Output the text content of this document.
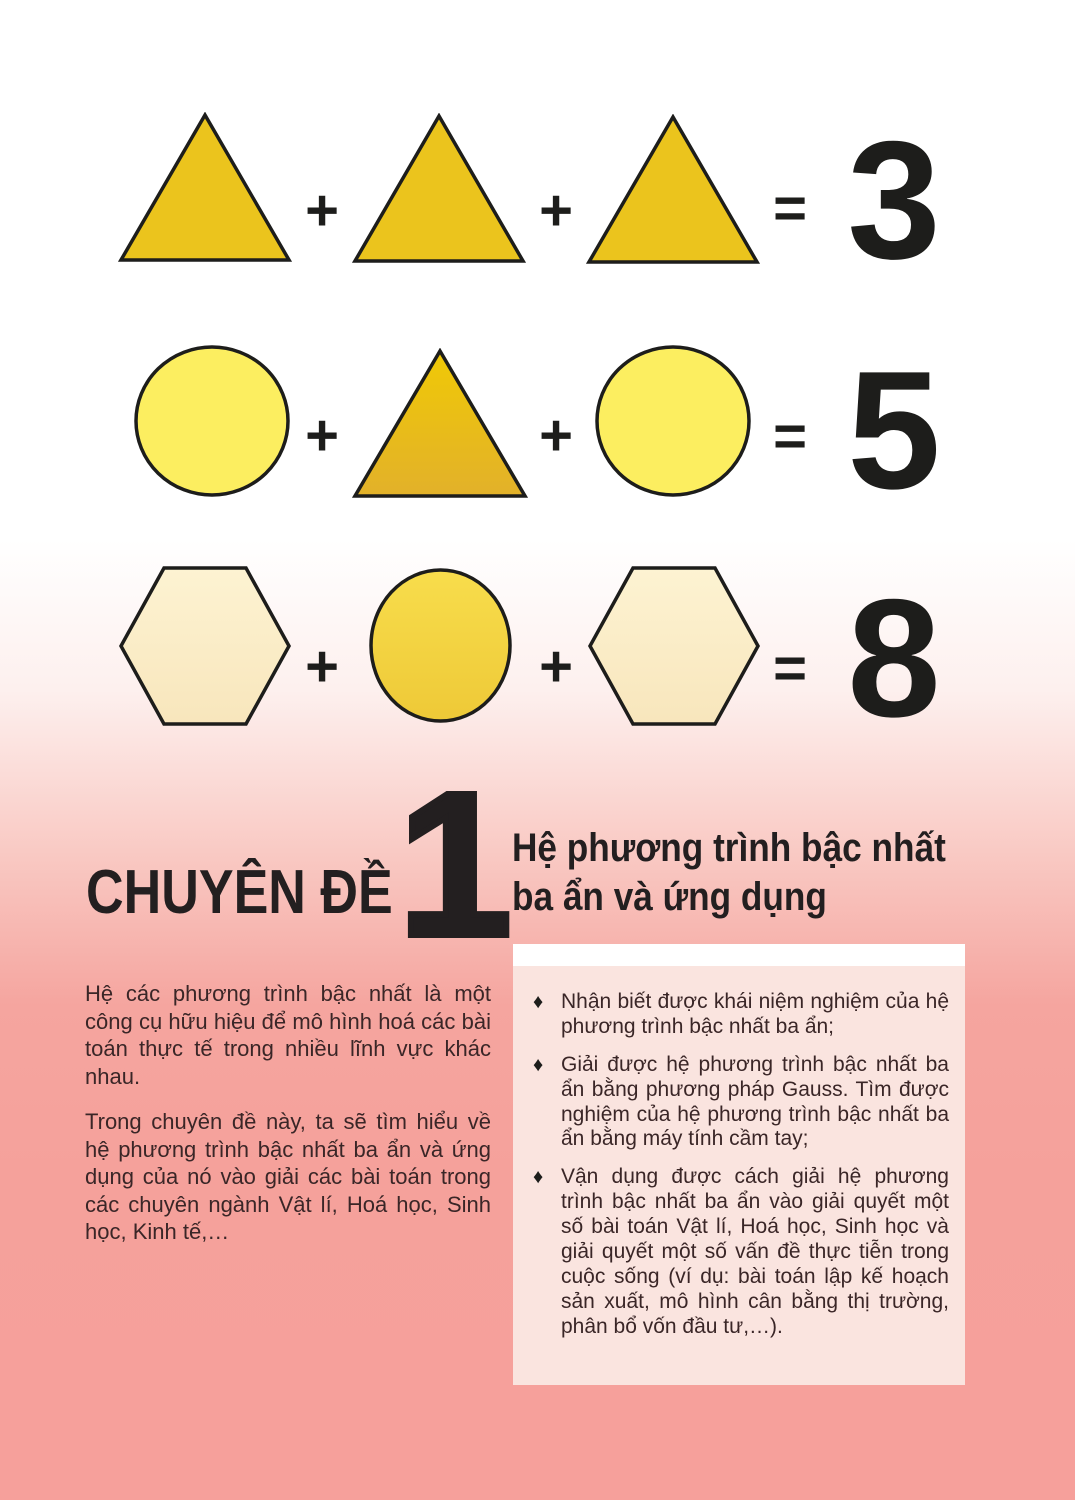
+	+	= 3
+	+	= 5
+	+	= 8
CHUYÊN ĐỀ 1 Hệ phương trình bậc nhất
ba ẩn và ứng dụng

Hệ các phương trình bậc nhất là một công cụ hữu hiệu để mô hình hoá các bài toán thực tế trong nhiều lĩnh vực khác nhau.

Trong chuyên đề này, ta sẽ tìm hiểu về hệ phương trình bậc nhất ba ẩn và ứng dụng của nó vào giải các bài toán trong các chuyên ngành Vật lí, Hoá học, Sinh học, Kinh tế,…

♦ Nhận biết được khái niệm nghiệm của hệ phương trình bậc nhất ba ẩn;

♦ Giải được hệ phương trình bậc nhất ba ẩn bằng phương pháp Gauss. Tìm được nghiệm của hệ phương trình bậc nhất ba ẩn bằng máy tính cầm tay;

♦ Vận dụng được cách giải hệ phương trình bậc nhất ba ẩn vào giải quyết một số bài toán Vật lí, Hoá học, Sinh học và giải quyết một số vấn đề thực tiễn trong cuộc sống (ví dụ: bài toán lập kế hoạch sản xuất, mô hình cân bằng thị trường, phân bổ vốn đầu tư,…).
